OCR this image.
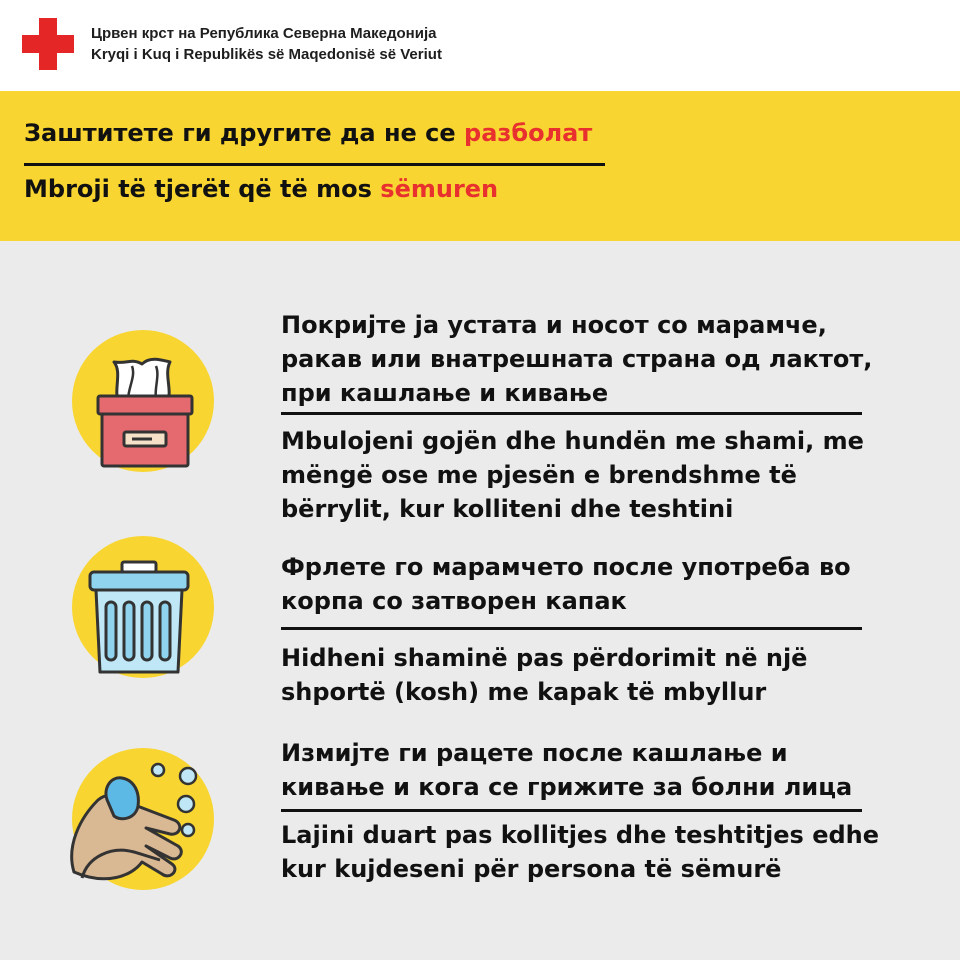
Црвен крст на Република Северна Македонија
Kryqi i Kuq i Republikës së Maqedonisë së Veriut
Заштитете ги другите да не се разболат
Mbroji të tjerët që të mos sëmuren
Покријте ја устата и носот со марамче,
ракав или внатрешната страна од лактот,
при кашлање и кивање
Mbulojeni gojën dhe hundën me shami, me
mëngë ose me pjesën e brendshme të
bërrylit, kur kolliteni dhe teshtini
Фрлете го марамчето после употреба во
корпа со затворен капак
Hidheni shaminë pas përdorimit në një
shportë (kosh) me kapak të mbyllur
Измијте ги рацете после кашлање и
кивање и кога се грижите за болни лица
Lajini duart pas kollitjes dhe teshtitjes edhe
kur kujdeseni për persona të sëmurë
